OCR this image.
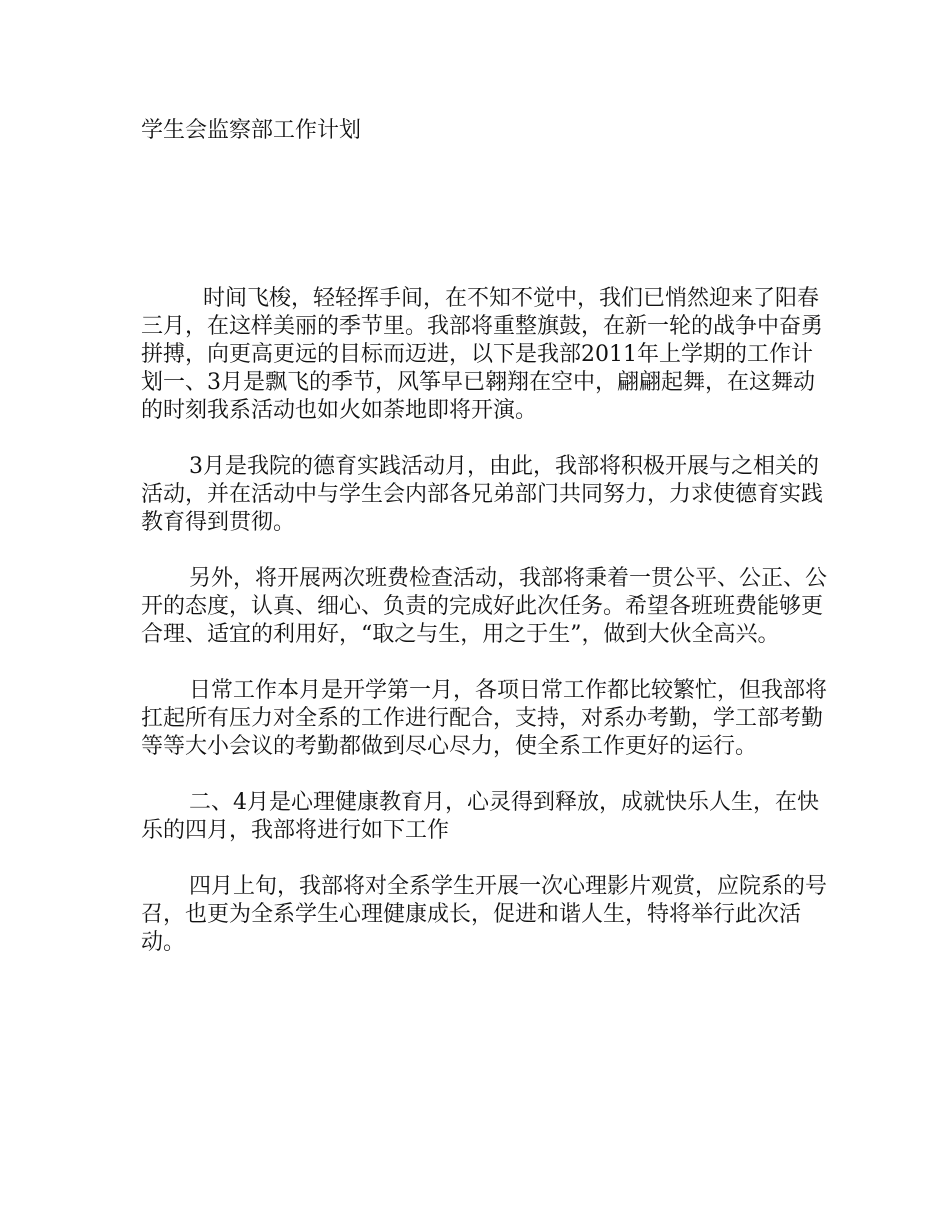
学生会监察部工作计划

时间飞梭，轻轻挥手间，在不知不觉中，我们已悄然迎来了阳春三月，在这样美丽的季节里。我部将重整旗鼓，在新一轮的战争中奋勇拼搏，向更高更远的目标而迈进，以下是我部2011年上学期的工作计划一、3月是飘飞的季节，风筝早已翱翔在空中，翩翩起舞，在这舞动的时刻我系活动也如火如荼地即将开演。

3月是我院的德育实践活动月，由此，我部将积极开展与之相关的活动，并在活动中与学生会内部各兄弟部门共同努力，力求使德育实践教育得到贯彻。

另外，将开展两次班费检查活动，我部将秉着一贯公平、公正、公开的态度，认真、细心、负责的完成好此次任务。希望各班班费能够更合理、适宜的利用好，“取之与生，用之于生”，做到大伙全高兴。

日常工作本月是开学第一月，各项日常工作都比较繁忙，但我部将扛起所有压力对全系的工作进行配合，支持，对系办考勤，学工部考勤等等大小会议的考勤都做到尽心尽力，使全系工作更好的运行。

二、4月是心理健康教育月，心灵得到释放，成就快乐人生，在快乐的四月，我部将进行如下工作

四月上旬，我部将对全系学生开展一次心理影片观赏，应院系的号召，也更为全系学生心理健康成长，促进和谐人生，特将举行此次活动。
